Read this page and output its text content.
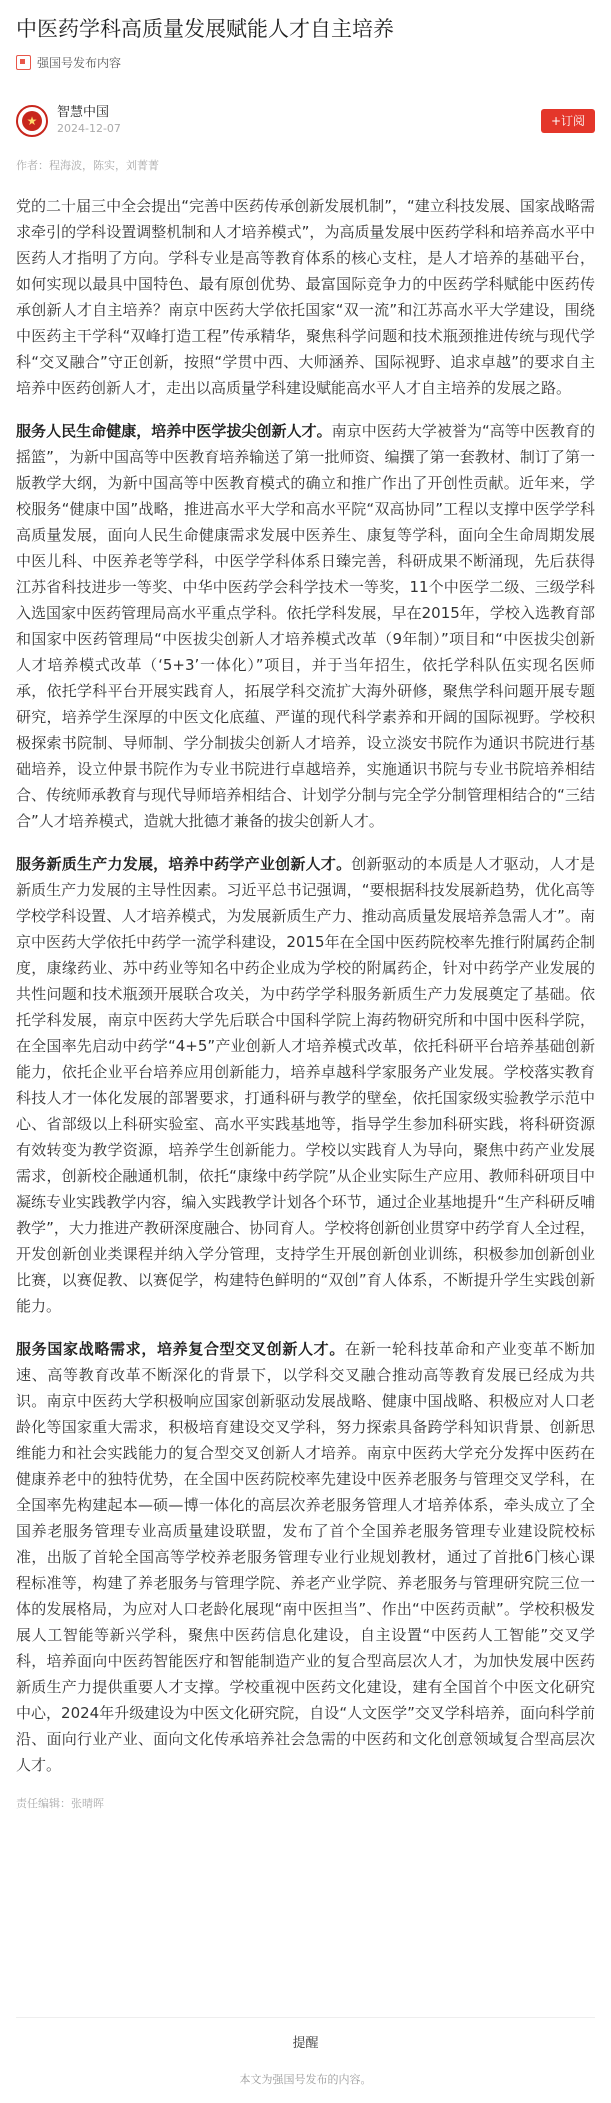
中医药学科高质量发展赋能人才自主培养
强国号发布内容
★
智慧中国
2024-12-07
+订阅
作者：程海波，陈实，刘菁菁

党的二十届三中全会提出“完善中医药传承创新发展机制”，“建立科技发展、国家战略需求牵引的学科设置调整机制和人才培养模式”，为高质量发展中医药学科和培养高水平中医药人才指明了方向。学科专业是高等教育体系的核心支柱，是人才培养的基础平台，如何实现以最具中国特色、最有原创优势、最富国际竞争力的中医药学科赋能中医药传承创新人才自主培养？南京中医药大学依托国家“双一流”和江苏高水平大学建设，围绕中医药主干学科“双峰打造工程”传承精华，聚焦科学问题和技术瓶颈推进传统与现代学科“交叉融合”守正创新，按照“学贯中西、大师涵养、国际视野、追求卓越”的要求自主培养中医药创新人才，走出以高质量学科建设赋能高水平人才自主培养的发展之路。

服务人民生命健康，培养中医学拔尖创新人才。南京中医药大学被誉为“高等中医教育的摇篮”，为新中国高等中医教育培养输送了第一批师资、编撰了第一套教材、制订了第一版教学大纲，为新中国高等中医教育模式的确立和推广作出了开创性贡献。近年来，学校服务“健康中国”战略，推进高水平大学和高水平院“双高协同”工程以支撑中医学学科高质量发展，面向人民生命健康需求发展中医养生、康复等学科，面向全生命周期发展中医儿科、中医养老等学科，中医学学科体系日臻完善，科研成果不断涌现，先后获得江苏省科技进步一等奖、中华中医药学会科学技术一等奖，11个中医学二级、三级学科入选国家中医药管理局高水平重点学科。依托学科发展，早在2015年，学校入选教育部和国家中医药管理局“中医拔尖创新人才培养模式改革（9年制）”项目和“中医拔尖创新人才培养模式改革（‘5+3’一体化）”项目，并于当年招生，依托学科队伍实现名医师承，依托学科平台开展实践育人，拓展学科交流扩大海外研修，聚焦学科问题开展专题研究，培养学生深厚的中医文化底蕴、严谨的现代科学素养和开阔的国际视野。学校积极探索书院制、导师制、学分制拔尖创新人才培养，设立淡安书院作为通识书院进行基础培养，设立仲景书院作为专业书院进行卓越培养，实施通识书院与专业书院培养相结合、传统师承教育与现代导师培养相结合、计划学分制与完全学分制管理相结合的“三结合”人才培养模式，造就大批德才兼备的拔尖创新人才。

服务新质生产力发展，培养中药学产业创新人才。创新驱动的本质是人才驱动，人才是新质生产力发展的主导性因素。习近平总书记强调，“要根据科技发展新趋势，优化高等学校学科设置、人才培养模式，为发展新质生产力、推动高质量发展培养急需人才”。南京中医药大学依托中药学一流学科建设，2015年在全国中医药院校率先推行附属药企制度，康缘药业、苏中药业等知名中药企业成为学校的附属药企，针对中药学产业发展的共性问题和技术瓶颈开展联合攻关，为中药学学科服务新质生产力发展奠定了基础。依托学科发展，南京中医药大学先后联合中国科学院上海药物研究所和中国中医科学院，在全国率先启动中药学“4+5”产业创新人才培养模式改革，依托科研平台培养基础创新能力，依托企业平台培养应用创新能力，培养卓越科学家服务产业发展。学校落实教育科技人才一体化发展的部署要求，打通科研与教学的壁垒，依托国家级实验教学示范中心、省部级以上科研实验室、高水平实践基地等，指导学生参加科研实践，将科研资源有效转变为教学资源，培养学生创新能力。学校以实践育人为导向，聚焦中药产业发展需求，创新校企融通机制，依托“康缘中药学院”从企业实际生产应用、教师科研项目中凝练专业实践教学内容，编入实践教学计划各个环节，通过企业基地提升“生产科研反哺教学”，大力推进产教研深度融合、协同育人。学校将创新创业贯穿中药学育人全过程，开发创新创业类课程并纳入学分管理，支持学生开展创新创业训练，积极参加创新创业比赛，以赛促教、以赛促学，构建特色鲜明的“双创”育人体系，不断提升学生实践创新能力。

服务国家战略需求，培养复合型交叉创新人才。在新一轮科技革命和产业变革不断加速、高等教育改革不断深化的背景下，以学科交叉融合推动高等教育发展已经成为共识。南京中医药大学积极响应国家创新驱动发展战略、健康中国战略、积极应对人口老龄化等国家重大需求，积极培育建设交叉学科，努力探索具备跨学科知识背景、创新思维能力和社会实践能力的复合型交叉创新人才培养。南京中医药大学充分发挥中医药在健康养老中的独特优势，在全国中医药院校率先建设中医养老服务与管理交叉学科，在全国率先构建起本—硕—博一体化的高层次养老服务管理人才培养体系，牵头成立了全国养老服务管理专业高质量建设联盟，发布了首个全国养老服务管理专业建设院校标准，出版了首轮全国高等学校养老服务管理专业行业规划教材，通过了首批6门核心课程标准等，构建了养老服务与管理学院、养老产业学院、养老服务与管理研究院三位一体的发展格局，为应对人口老龄化展现“南中医担当”、作出“中医药贡献”。学校积极发展人工智能等新兴学科，聚焦中医药信息化建设，自主设置“中医药人工智能”交叉学科，培养面向中医药智能医疗和智能制造产业的复合型高层次人才，为加快发展中医药新质生产力提供重要人才支撑。学校重视中医药文化建设，建有全国首个中医文化研究中心，2024年升级建设为中医文化研究院，自设“人文医学”交叉学科培养，面向科学前沿、面向行业产业、面向文化传承培养社会急需的中医药和文化创意领域复合型高层次人才。

责任编辑：张晴晖
提醒
本文为强国号发布的内容。
